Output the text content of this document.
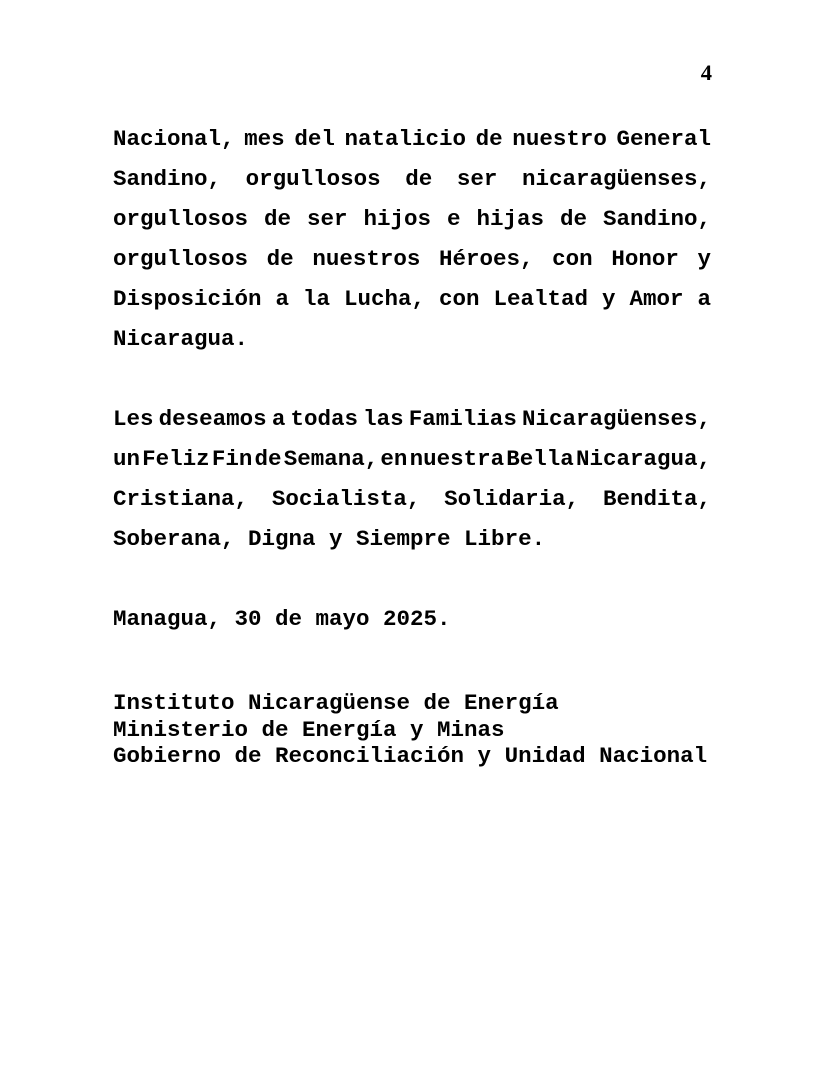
4
Nacional, mes del natalicio de nuestro General
Sandino, orgullosos de ser nicaragüenses,
orgullosos de ser hijos e hijas de Sandino,
orgullosos de nuestros Héroes, con Honor y
Disposición a la Lucha, con Lealtad y Amor a
Nicaragua.
Les deseamos a todas las Familias Nicaragüenses,
un Feliz Fin de Semana, en nuestra Bella Nicaragua,
Cristiana, Socialista, Solidaria, Bendita,
Soberana, Digna y Siempre Libre.
Managua, 30 de mayo 2025.
Instituto Nicaragüense de Energía
Ministerio de Energía y Minas
Gobierno de Reconciliación y Unidad Nacional
